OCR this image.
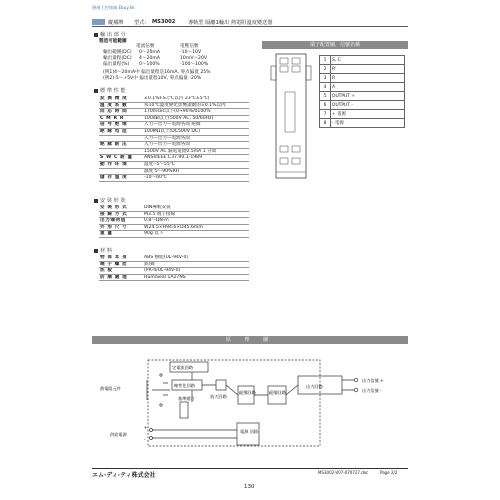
德瑞工控商城 Ebuy.hk
縱橫牌 型式： MS3002 導軌型 隔離1輸出 熱電阻溫度變送器
輸 出 部 分
製造可能範圍
電流信號	電壓信號
輸出範圍(DC) 0～20mA	-10～10V
輸出量程(DC) 4～20mA	10mV～20V
偏出量程(%) 0～100%	-100～100%
(例1)4～20mA中 偏出量程是16mA, 零点偏置 25%
(例2)-5～+5V中 偏出量程10V, 零点偏量 -20%
標 準 性 能
変 換 精 度	±0.1%F.S.(℃以内 23℃±5℃)
溫 度 系 數	每10℃溫度變化影響讀數的±0.1%以內
回 応 時 間	170msec以下(0→90%/0100%
C M R R	100dB以上(500V AC, 50/60Hz)
信 号 绝 缘	入力—出力—電源各間 絕緣
絶 縁 电 阻	100MΩ以上(DC500V DC)
	入力—出力—電源各間
絶 縁 耐 压	入力—出力—電源各間
	1500V AC 漏電電流0.5mA 1 分間
S W C 耐 量	ANSI/IEEE C37.90.1-1989
動 作 环 境	温度:-5～55℃
	濕度:5～90%RH
儲 存 溫 度	-10～60℃
安 裝 形 狀
安 裝 形 式	DIN導軌安裝
接 線 方 式	M3.5 端子接線
出力端荷值	0.8～ΩN·m
外 形 尺 寸	W24.5×H94.6×D45.6mm
重 量	90g 以下
材 料
物 体 本 身	ABS 樹脂(UL-94V-0)
端 子 螺 丝	鉄/鎳
底 板	(PR-4/UL-94V-0)
防 潮 處 理	HumiSeal 1A27NS
端子配置圖．信號名稱
1	S, C
2	R'
3	R
4	A
5	OUTPUT +
6	OUTPUT -
7	+ 電源
8	- 電源
原 理 圖
定電流回路
線性化回路
基準總合	放大回路
絕緣回路	絕緣回路
出力回路
出力信號 +
出力信號 -
熱電阻元件
供給電源
電源 回路
+
-
エム·ディ·ティ株式会社
130
MS3002-V07-070727.doc	Page 2/2
